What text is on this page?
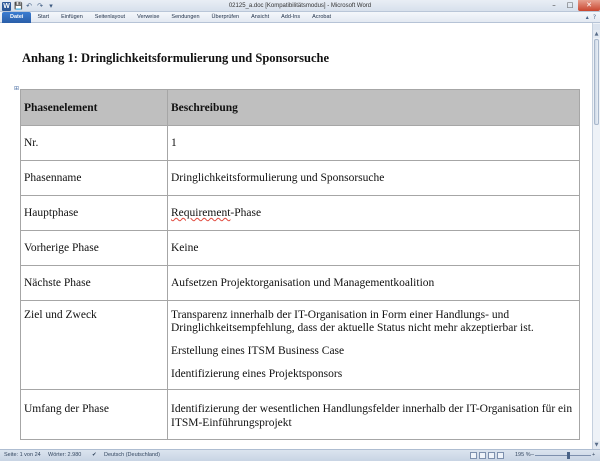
W 💾 ↶ ↷ ▾	02125_a.doc [Kompatibilitätsmodus] - Microsoft Word	–	□	✕
Datei	Start	Einfügen	Seitenlayout	Verweise	Sendungen	Überprüfen	Ansicht	Add-Ins	Acrobat	▴ ?
Anhang 1: Dringlichkeitsformulierung und Sponsorsuche
⊞
Phasenelement	Beschreibung
Nr.	1
Phasenname	Dringlichkeitsformulierung und Sponsorsuche
Hauptphase	Requirement-Phase
Vorherige Phase	Keine
Nächste Phase	Aufsetzen Projektorganisation und Managementkoalition
Ziel und Zweck	Transparenz innerhalb der IT-Organisation in Form einer Handlungs- und Dringlichkeitsempfehlung, dass der aktuelle Status nicht mehr akzeptierbar ist.

Erstellung eines ITSM Business Case

Identifizierung eines Projektsponsors

Umfang der Phase	Identifizierung der wesentlichen Handlungsfelder innerhalb der IT-Organisation für ein ITSM-Einführungsprojekt
▲
▼
Seite: 1 von 24 Wörter: 2.980 ✔ Deutsch (Deutschland)	195 % –	+
